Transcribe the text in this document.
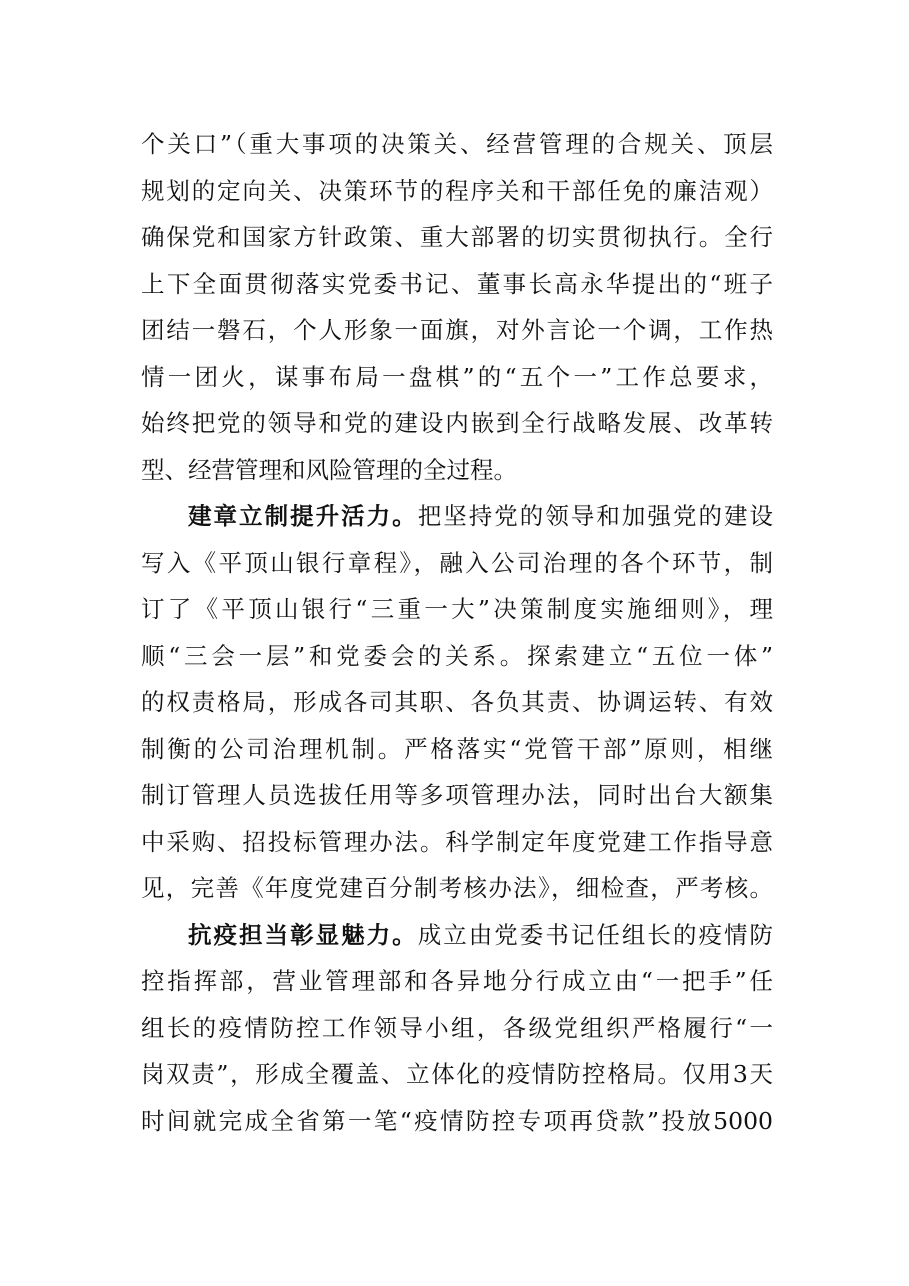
个关口”（重大事项的决策关、经营管理的合规关、顶层
规划的定向关、决策环节的程序关和干部任免的廉洁观）
确保党和国家方针政策、重大部署的切实贯彻执行。全行
上下全面贯彻落实党委书记、董事长高永华提出的“班子
团结一磐石，个人形象一面旗，对外言论一个调，工作热
情一团火，谋事布局一盘棋”的“五个一”工作总要求，
始终把党的领导和党的建设内嵌到全行战略发展、改革转
型、经营管理和风险管理的全过程。
建章立制提升活力。把坚持党的领导和加强党的建设
写入《平顶山银行章程》，融入公司治理的各个环节，制
订了《平顶山银行“三重一大”决策制度实施细则》，理
顺“三会一层”和党委会的关系。探索建立“五位一体”
的权责格局，形成各司其职、各负其责、协调运转、有效
制衡的公司治理机制。严格落实“党管干部”原则，相继
制订管理人员选拔任用等多项管理办法，同时出台大额集
中采购、招投标管理办法。科学制定年度党建工作指导意
见，完善《年度党建百分制考核办法》，细检查，严考核。
抗疫担当彰显魅力。成立由党委书记任组长的疫情防
控指挥部，营业管理部和各异地分行成立由“一把手”任
组长的疫情防控工作领导小组，各级党组织严格履行“一
岗双责”，形成全覆盖、立体化的疫情防控格局。仅用3天
时间就完成全省第一笔“疫情防控专项再贷款”投放5000
